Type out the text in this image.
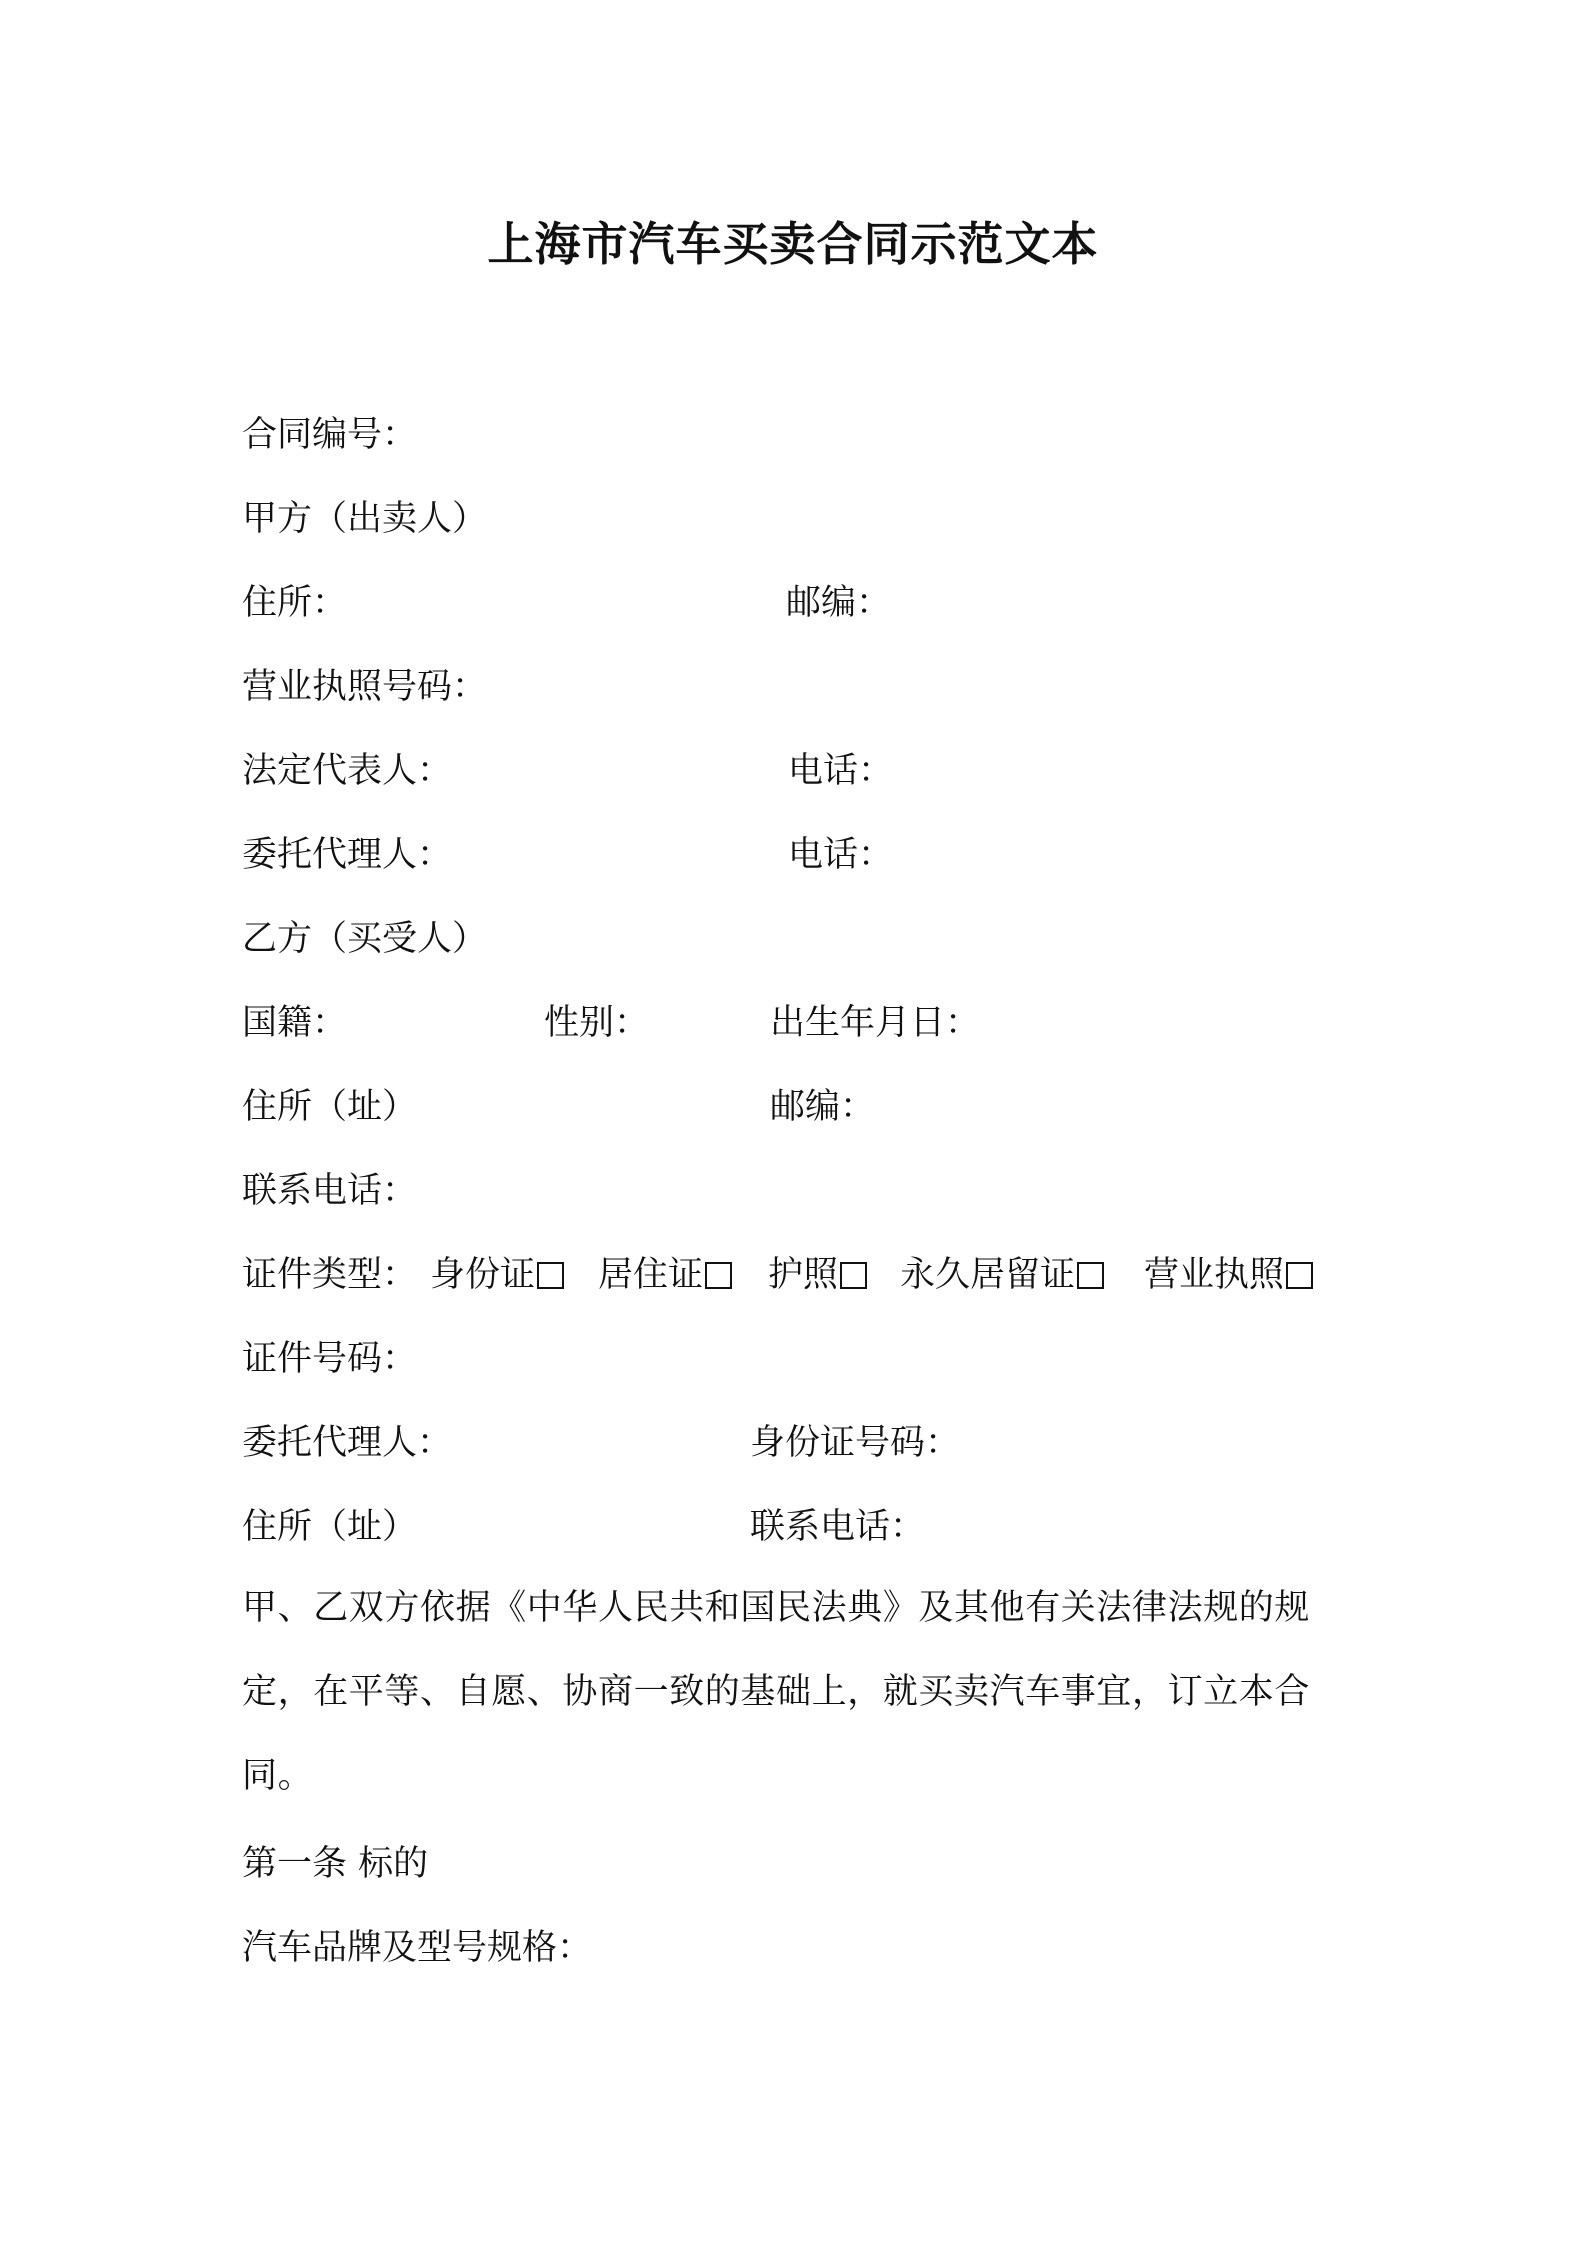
上海市汽车买卖合同示范文本
合同编号：
甲方（出卖人）
住所：	邮编：
营业执照号码：
法定代表人：	电话：
委托代理人：	电话：
乙方（买受人）
国籍：	性别：	出生年月日：
住所（址）	邮编：
联系电话：
证件类型： 身份证	居住证	护照	永久居留证	营业执照
证件号码：
委托代理人：	身份证号码：
住所（址）	联系电话：
甲、乙双方依据《中华人民共和国民法典》及其他有关法律法规的规定，在平等、自愿、协商一致的基础上，就买卖汽车事宜，订立本合同。
第一条 标的
汽车品牌及型号规格：
